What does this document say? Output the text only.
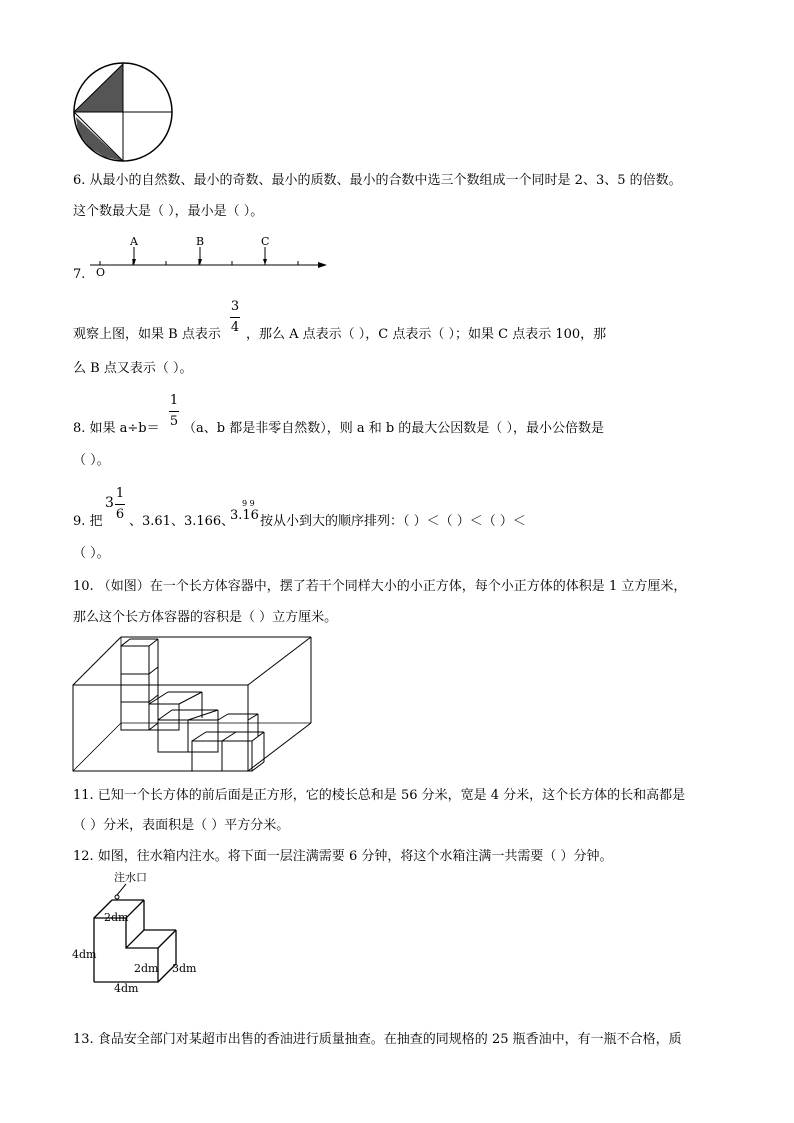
6. 从最小的自然数、最小的奇数、最小的质数、最小的合数中选三个数组成一个同时是 2、3、5 的倍数。
这个数最大是（ ），最小是（ ）。
A	B	C
O
7.
观察上图，如果 B 点表示
3
4 ，那么 A 点表示（ ），C 点表示（ ）；如果 C 点表示 100，那
么 B 点又表示（ ）。
8. 如果 a÷b＝
1
5 （a、b 都是非零自然数），则 a 和 b 的最大公因数是（ ），最小公倍数是
（ ）。
9. 把
3
1
6 、3.61、3.166、
3.16
9 9
按从小到大的顺序排列：（ ）＜（ ）＜（ ）＜
（ ）。
10. （如图）在一个长方体容器中，摆了若干个同样大小的小正方体，每个小正方体的体积是 1 立方厘米，
那么这个长方体容器的容积是（ ）立方厘米。
11. 已知一个长方体的前后面是正方形，它的棱长总和是 56 分米，宽是 4 分米，这个长方体的长和高都是
（ ）分米，表面积是（ ）平方分米。
12. 如图，往水箱内注水。将下面一层注满需要 6 分钟，将这个水箱注满一共需要（ ）分钟。
注水口
2dm
4dm
2dm 3dm
4dm
13. 食品安全部门对某超市出售的香油进行质量抽查。在抽查的同规格的 25 瓶香油中，有一瓶不合格，质
